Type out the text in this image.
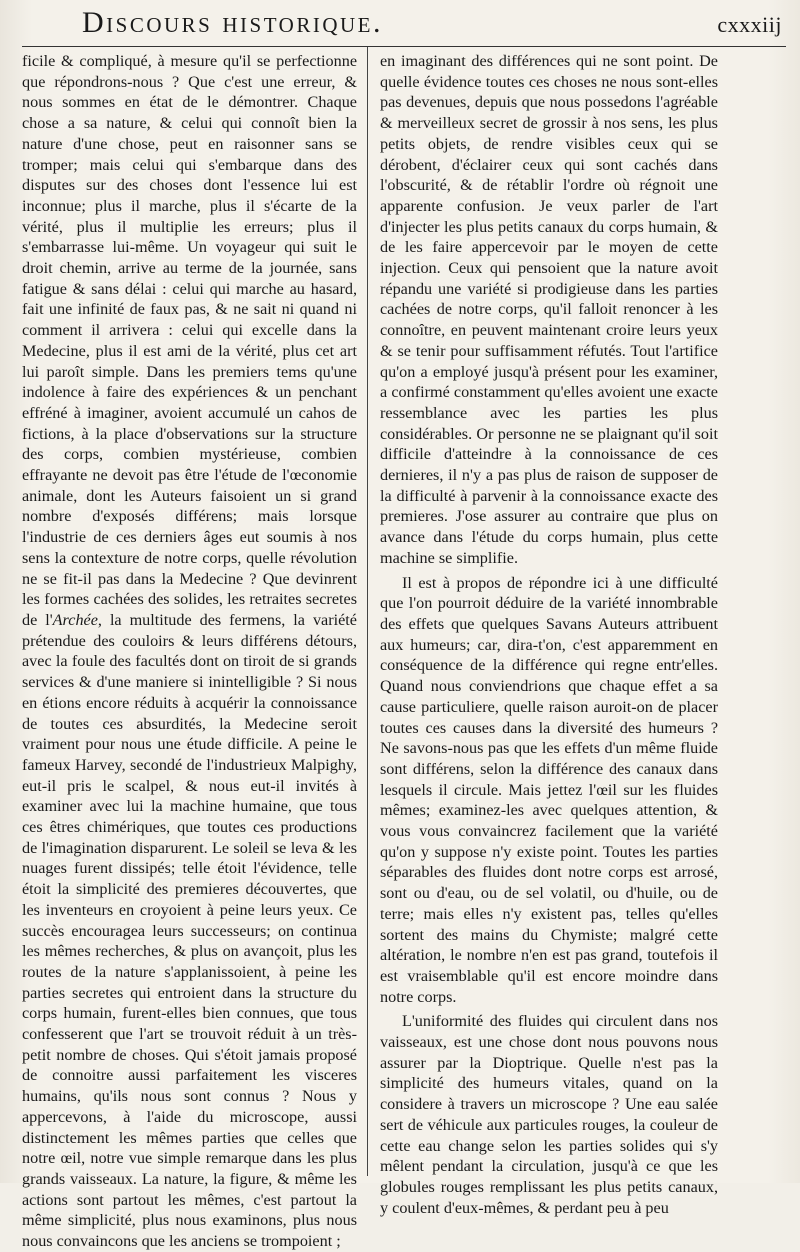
Discours historique.	cxxxiij

ficile & compliqué, à mesure qu'il se perfectionne que répondrons-nous ? Que c'est une erreur, & nous sommes en état de le démontrer. Chaque chose a sa nature, & celui qui connoît bien la nature d'une chose, peut en raisonner sans se tromper; mais celui qui s'embarque dans des disputes sur des choses dont l'essence lui est inconnue; plus il marche, plus il s'écarte de la vérité, plus il multiplie les erreurs; plus il s'embarrasse lui-même. Un voyageur qui suit le droit chemin, arrive au terme de la journée, sans fatigue & sans délai : celui qui marche au hasard, fait une infinité de faux pas, & ne sait ni quand ni comment il arrivera : celui qui excelle dans la Medecine, plus il est ami de la vérité, plus cet art lui paroît simple. Dans les premiers tems qu'une indolence à faire des expériences & un penchant effréné à imaginer, avoient accumulé un cahos de fictions, à la place d'observations sur la structure des corps, combien mystérieuse, combien effrayante ne devoit pas être l'étude de l'œconomie animale, dont les Auteurs faisoient un si grand nombre d'exposés différens; mais lorsque l'industrie de ces derniers âges eut soumis à nos sens la contexture de notre corps, quelle révolution ne se fit-il pas dans la Medecine ? Que devinrent les formes cachées des solides, les retraites secretes de l'Archée, la multitude des fermens, la variété prétendue des couloirs & leurs différens détours, avec la foule des facultés dont on tiroit de si grands services & d'une maniere si inintelligible ? Si nous en étions encore réduits à acquérir la connoissance de toutes ces absurdités, la Medecine seroit vraiment pour nous une étude difficile. A peine le fameux Harvey, secondé de l'industrieux Malpighy, eut-il pris le scalpel, & nous eut-il invités à examiner avec lui la machine humaine, que tous ces êtres chimériques, que toutes ces productions de l'imagination disparurent. Le soleil se leva & les nuages furent dissipés; telle étoit l'évidence, telle étoit la simplicité des premieres découvertes, que les inventeurs en croyoient à peine leurs yeux. Ce succès encouragea leurs successeurs; on continua les mêmes recherches, & plus on avançoit, plus les routes de la nature s'applanissoient, à peine les parties secretes qui entroient dans la structure du corps humain, furent-elles bien connues, que tous confesserent que l'art se trouvoit réduit à un très-petit nombre de choses. Qui s'étoit jamais proposé de connoitre aussi parfaitement les visceres humains, qu'ils nous sont connus ? Nous y appercevons, à l'aide du microscope, aussi distinctement les mêmes parties que celles que notre œil, notre vue simple remarque dans les plus grands vaisseaux. La nature, la figure, & même les actions sont partout les mêmes, c'est partout la même simplicité, plus nous examinons, plus nous nous convaincons que les anciens se trompoient ;

en imaginant des différences qui ne sont point. De quelle évidence toutes ces choses ne nous sont-elles pas devenues, depuis que nous possedons l'agréable & merveilleux secret de grossir à nos sens, les plus petits objets, de rendre visibles ceux qui se dérobent, d'éclairer ceux qui sont cachés dans l'obscurité, & de rétablir l'ordre où régnoit une apparente confusion. Je veux parler de l'art d'injecter les plus petits canaux du corps humain, & de les faire appercevoir par le moyen de cette injection. Ceux qui pensoient que la nature avoit répandu une variété si prodigieuse dans les parties cachées de notre corps, qu'il falloit renoncer à les connoître, en peuvent maintenant croire leurs yeux & se tenir pour suffisamment réfutés. Tout l'artifice qu'on a employé jusqu'à présent pour les examiner, a confirmé constamment qu'elles avoient une exacte ressemblance avec les parties les plus considérables. Or personne ne se plaignant qu'il soit difficile d'atteindre à la connoissance de ces dernieres, il n'y a pas plus de raison de supposer de la difficulté à parvenir à la connoissance exacte des premieres. J'ose assurer au contraire que plus on avance dans l'étude du corps humain, plus cette machine se simplifie.

Il est à propos de répondre ici à une difficulté que l'on pourroit déduire de la variété innombrable des effets que quelques Savans Auteurs attribuent aux humeurs; car, dira-t'on, c'est apparemment en conséquence de la différence qui regne entr'elles. Quand nous conviendrions que chaque effet a sa cause particuliere, quelle raison auroit-on de placer toutes ces causes dans la diversité des humeurs ? Ne savons-nous pas que les effets d'un même fluide sont différens, selon la différence des canaux dans lesquels il circule. Mais jettez l'œil sur les fluides mêmes; examinez-les avec quelques attention, & vous vous convaincrez facilement que la variété qu'on y suppose n'y existe point. Toutes les parties séparables des fluides dont notre corps est arrosé, sont ou d'eau, ou de sel volatil, ou d'huile, ou de terre; mais elles n'y existent pas, telles qu'elles sortent des mains du Chymiste; malgré cette altération, le nombre n'en est pas grand, toutefois il est vraisemblable qu'il est encore moindre dans notre corps.

L'uniformité des fluides qui circulent dans nos vaisseaux, est une chose dont nous pouvons nous assurer par la Dioptrique. Quelle n'est pas la simplicité des humeurs vitales, quand on la considere à travers un microscope ? Une eau salée sert de véhicule aux particules rouges, la couleur de cette eau change selon les parties solides qui s'y mêlent pendant la circulation, jusqu'à ce que les globules rouges remplissant les plus petits canaux, y coulent d'eux-mêmes, & perdant peu à peu
